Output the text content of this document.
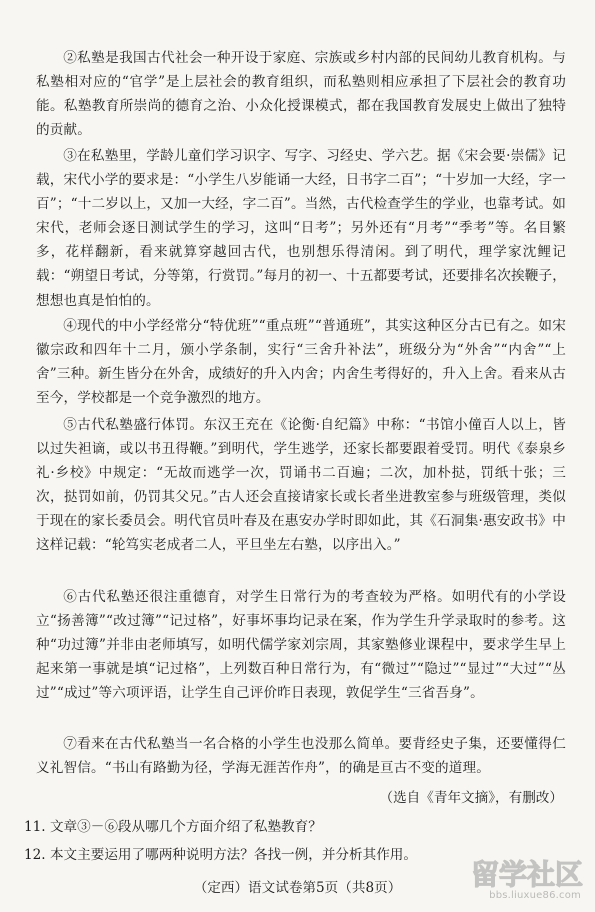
②私塾是我国古代社会一种开设于家庭、宗族或乡村内部的民间幼儿教育机构。与私塾相对应的“官学”是上层社会的教育组织，而私塾则相应承担了下层社会的教育功能。私塾教育所崇尚的德育之治、小众化授课模式，都在我国教育发展史上做出了独特的贡献。

③在私塾里，学龄儿童们学习识字、写字、习经史、学六艺。据《宋会要·崇儒》记载，宋代小学的要求是：“小学生八岁能诵一大经，日书字二百”；“十岁加一大经，字一百”；“十二岁以上，又加一大经，字二百”。当然，古代检查学生的学业，也靠考试。如宋代，老师会逐日测试学生的学习，这叫“日考”；另外还有“月考”“季考”等。名目繁多，花样翻新，看来就算穿越回古代，也别想乐得清闲。到了明代，理学家沈鲤记载：“朔望日考试，分等第，行赏罚。”每月的初一、十五都要考试，还要排名次挨鞭子，想想也真是怕怕的。

④现代的中小学经常分“特优班”“重点班”“普通班”，其实这种区分古已有之。如宋徽宗政和四年十二月，颁小学条制，实行“三舍升补法”，班级分为“外舍”“内舍”“上舍”三种。新生皆分在外舍，成绩好的升入内舍；内舍生考得好的，升入上舍。看来从古至今，学校都是一个竞争激烈的地方。

⑤古代私塾盛行体罚。东汉王充在《论衡·自纪篇》中称：“书馆小僮百人以上，皆以过失袒谪，或以书丑得鞭。”到明代，学生逃学，还家长都要跟着受罚。明代《泰泉乡礼·乡校》中规定：“无故而逃学一次，罚诵书二百遍；二次，加朴挞，罚纸十张；三次，挞罚如前，仍罚其父兄。”古人还会直接请家长或长者坐进教室参与班级管理，类似于现在的家长委员会。明代官员叶春及在惠安办学时即如此，其《石洞集·惠安政书》中这样记载：“轮笃实老成者二人，平旦坐左右塾，以序出入。”

⑥古代私塾还很注重德育，对学生日常行为的考查较为严格。如明代有的小学设立“扬善簿”“改过簿”“记过格”，好事坏事均记录在案，作为学生升学录取时的参考。这种“功过簿”并非由老师填写，如明代儒学家刘宗周，其家塾修业课程中，要求学生早上起来第一事就是填“记过格”，上列数百种日常行为，有“微过”“隐过”“显过”“大过”“丛过”“成过”等六项评语，让学生自己评价昨日表现，敦促学生“三省吾身”。

⑦看来在古代私塾当一名合格的小学生也没那么简单。要背经史子集，还要懂得仁义礼智信。“书山有路勤为径，学海无涯苦作舟”，的确是亘古不变的道理。

（选自《青年文摘》，有删改）

11. 文章③－⑥段从哪几个方面介绍了私塾教育？

12. 本文主要运用了哪两种说明方法？各找一例，并分析其作用。

（定西）语文试卷第5页（共8页）	留学社区
bbs.liuxue86.com
